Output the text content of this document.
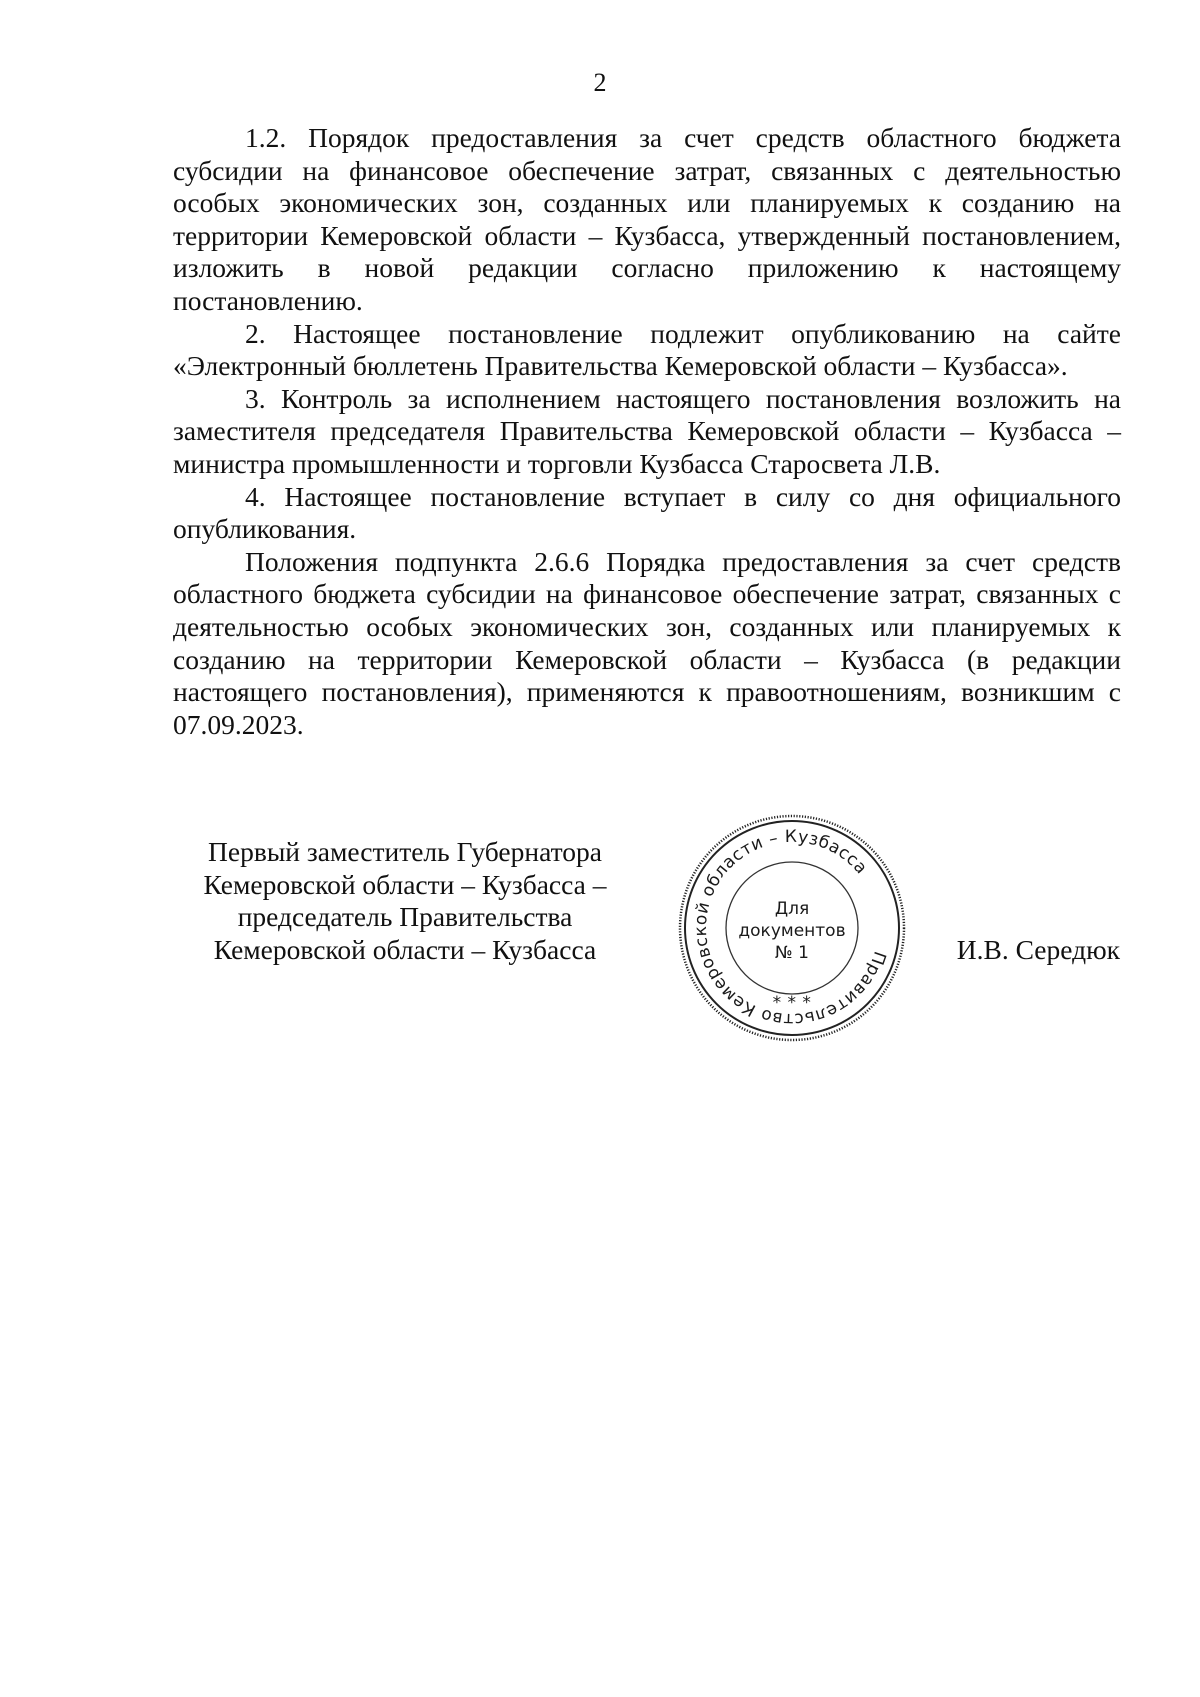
2

1.2. Порядок предоставления за счет средств областного бюджета субсидии на финансовое обеспечение затрат, связанных с деятельностью особых экономических зон, созданных или планируемых к созданию на территории Кемеровской области – Кузбасса, утвержденный постановлением, изложить в новой редакции согласно приложению к настоящему постановлению.

2. Настоящее постановление подлежит опубликованию на сайте «Электронный бюллетень Правительства Кемеровской области – Кузбасса».

3. Контроль за исполнением настоящего постановления возложить на заместителя председателя Правительства Кемеровской области – Кузбасса – министра промышленности и торговли Кузбасса Старосвета Л.В.

4. Настоящее постановление вступает в силу со дня официального опубликования.

Положения подпункта 2.6.6 Порядка предоставления за счет средств областного бюджета субсидии на финансовое обеспечение затрат, связанных с деятельностью особых экономических зон, созданных или планируемых к созданию на территории Кемеровской области – Кузбасса (в редакции настоящего постановления), применяются к правоотношениям, возникшим с 07.09.2023.

Первый заместитель Губернатора
Кемеровской области – Кузбасса –
председатель Правительства
Кемеровской области – Кузбасса	Правительство Кемеровской области – Кузбасса
* * *
Для
документов
№ 1	И.В. Середюк
